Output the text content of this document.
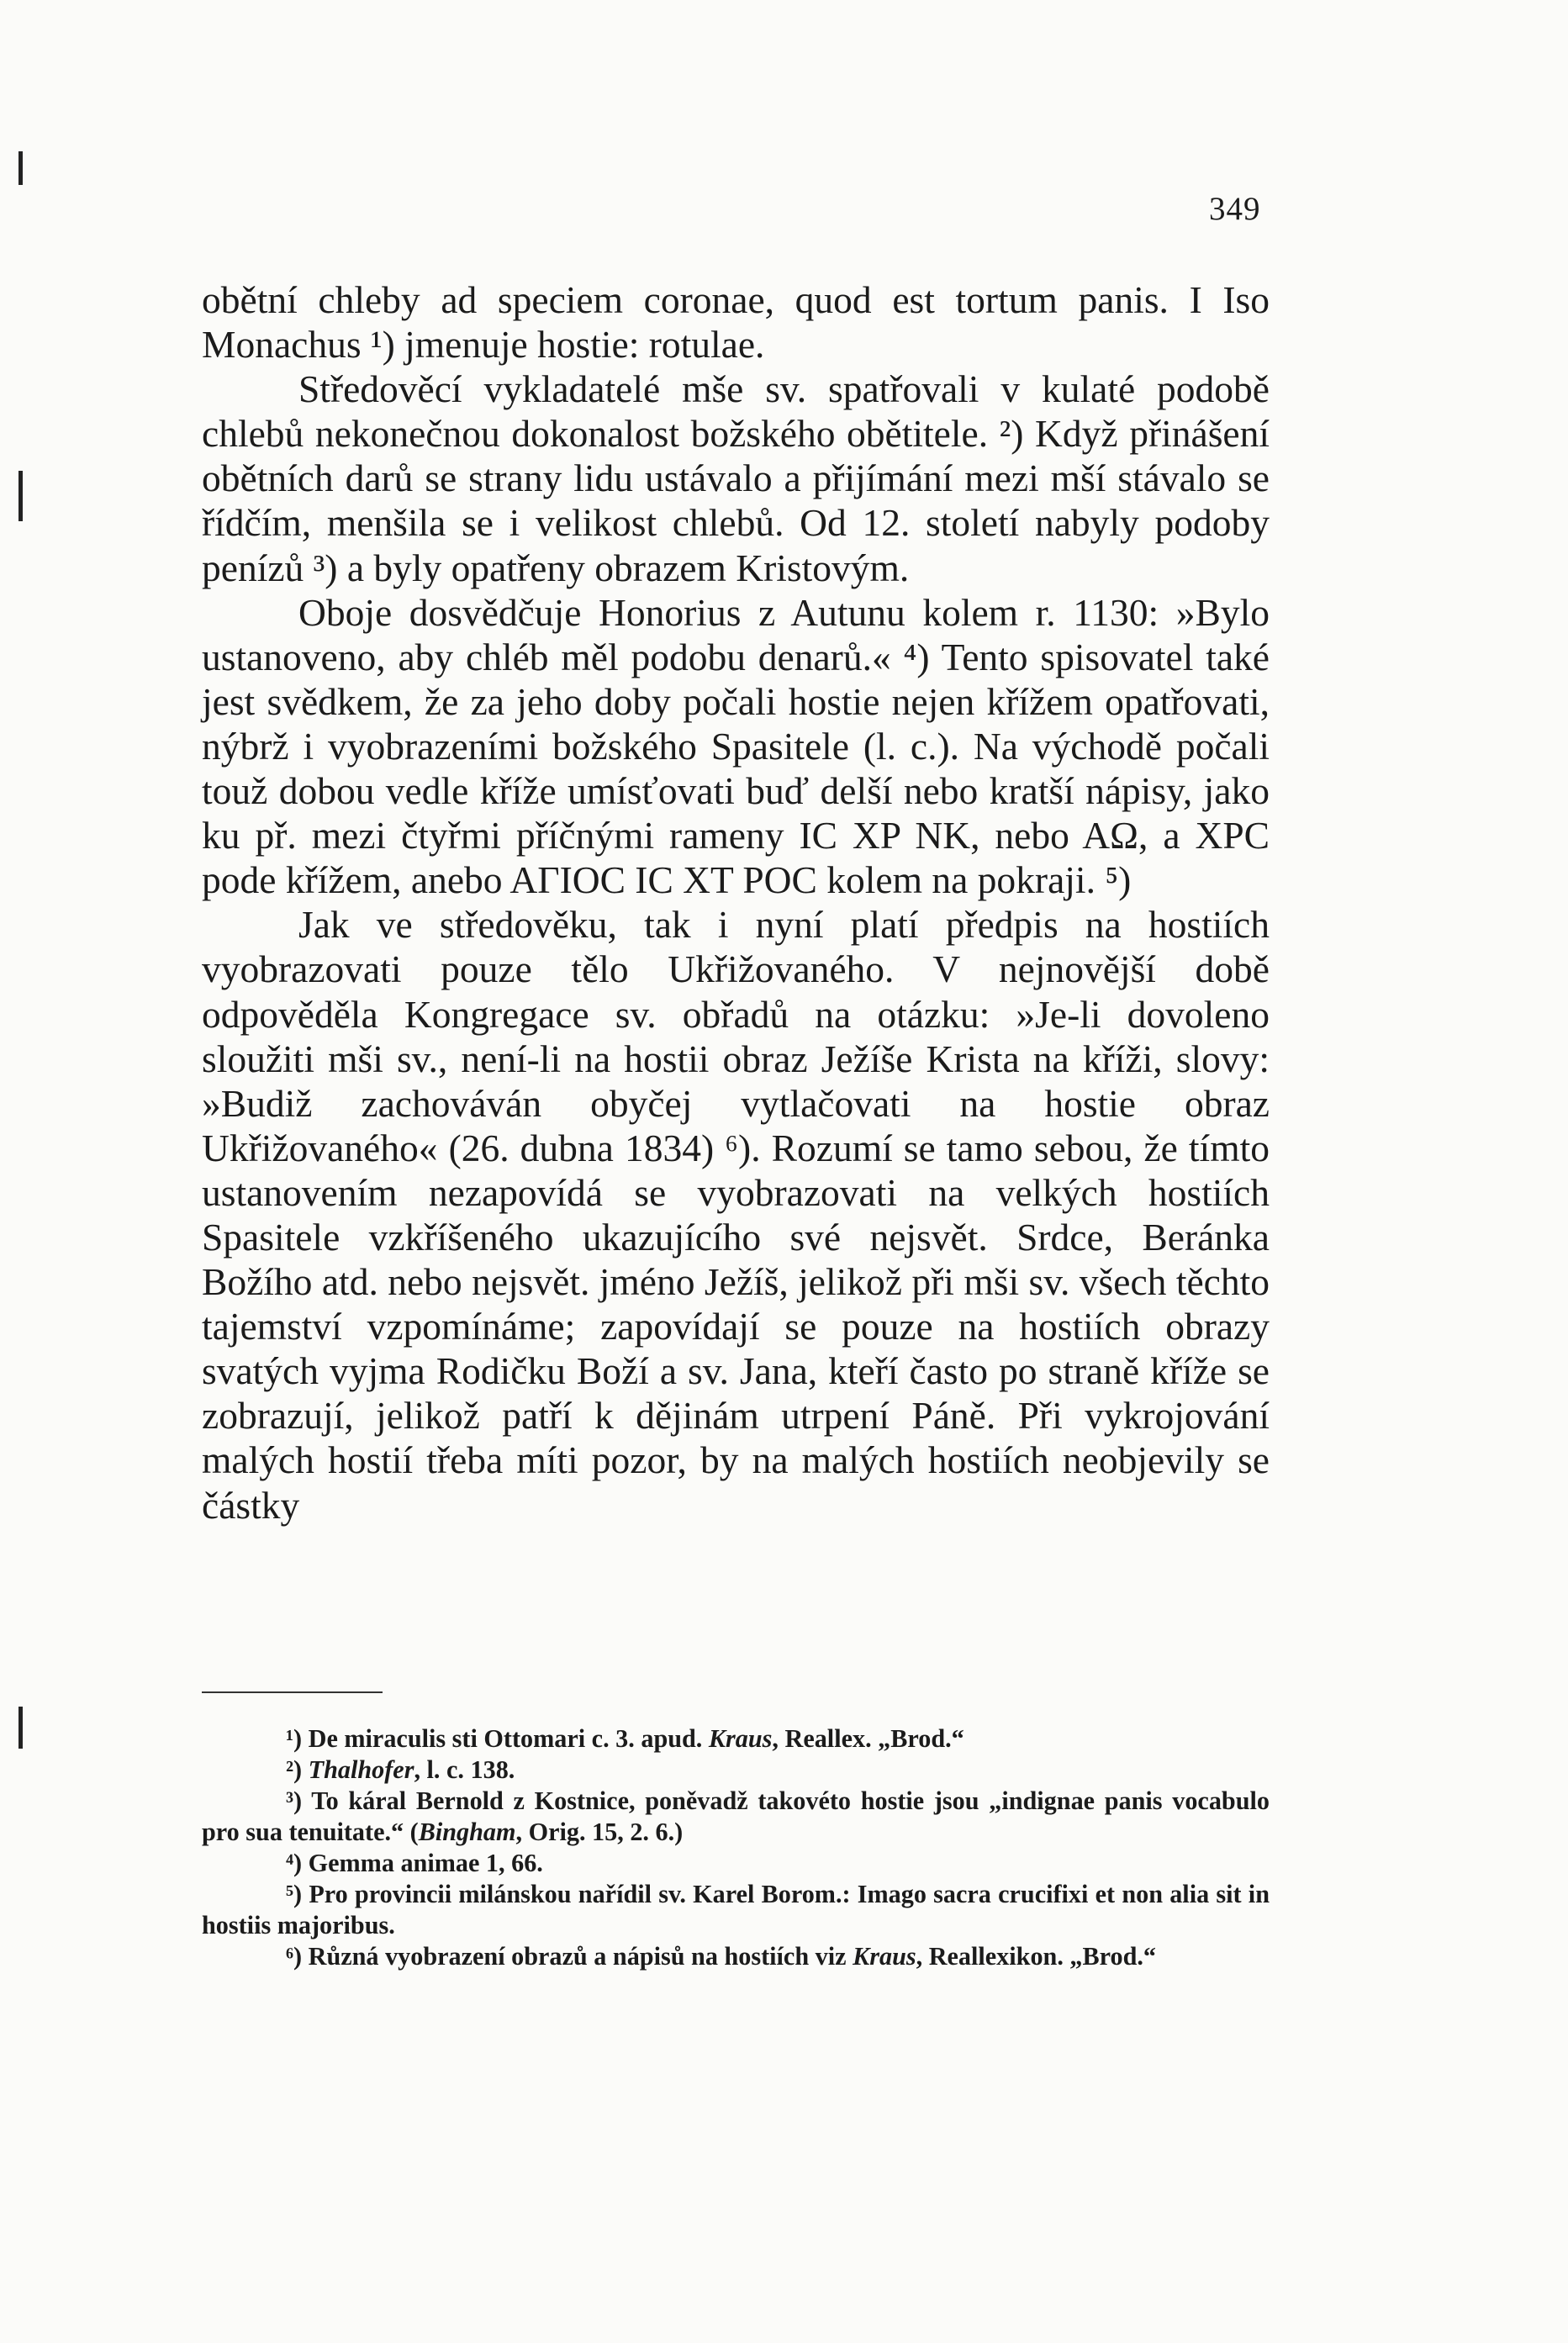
349

obětní chleby ad speciem coronae, quod est tortum panis. I Iso Monachus ¹) jmenuje hostie: rotulae.

Středověcí vykladatelé mše sv. spatřovali v kulaté podobě chlebů nekonečnou dokonalost božského obětitele. ²) Když přinášení obětních darů se strany lidu ustávalo a přijímání mezi mší stávalo se řídčím, menšila se i velikost chlebů. Od 12. století nabyly podoby penízů ³) a byly opatřeny obrazem Kristovým.

Oboje dosvědčuje Honorius z Autunu kolem r. 1130: »Bylo ustanoveno, aby chléb měl podobu denarů.« ⁴) Tento spisovatel také jest svědkem, že za jeho doby počali hostie nejen křížem opatřovati, nýbrž i vyobrazeními božského Spasitele (l. c.). Na východě počali touž dobou vedle kříže umísťovati buď delší nebo kratší nápisy, jako ku př. mezi čtyřmi příčnými rameny IC XP NK, nebo AΩ, a XPC pode křížem, anebo AΓIOC IC XT POC kolem na pokraji. ⁵)

Jak ve středověku, tak i nyní platí předpis na hostiích vyobrazovati pouze tělo Ukřižovaného. V nejnovější době odpověděla Kongregace sv. obřadů na otázku: »Je-li dovoleno sloužiti mši sv., není-li na hostii obraz Ježíše Krista na kříži, slovy: »Budiž zachováván obyčej vytlačovati na hostie obraz Ukřižovaného« (26. dubna 1834) ⁶). Rozumí se tamo sebou, že tímto ustanovením nezapovídá se vyobrazovati na velkých hostiích Spasitele vzkříšeného ukazujícího své nejsvět. Srdce, Beránka Božího atd. nebo nejsvět. jméno Ježíš, jelikož při mši sv. všech těchto tajemství vzpomínáme; zapovídají se pouze na hostiích obrazy svatých vyjma Rodičku Boží a sv. Jana, kteří často po straně kříže se zobrazují, jelikož patří k dějinám utrpení Páně. Při vykrojování malých hostií třeba míti pozor, by na malých hostiích neobjevily se částky

¹) De miraculis sti Ottomari c. 3. apud. Kraus, Reallex. „Brod.“

²) Thalhofer, l. c. 138.

³) To káral Bernold z Kostnice, poněvadž takovéto hostie jsou „indignae panis vocabulo pro sua tenuitate.“ (Bingham, Orig. 15, 2. 6.)

⁴) Gemma animae 1, 66.

⁵) Pro provincii milánskou nařídil sv. Karel Borom.: Imago sacra crucifixi et non alia sit in hostiis majoribus.

⁶) Různá vyobrazení obrazů a nápisů na hostiích viz Kraus, Reallexikon. „Brod.“
